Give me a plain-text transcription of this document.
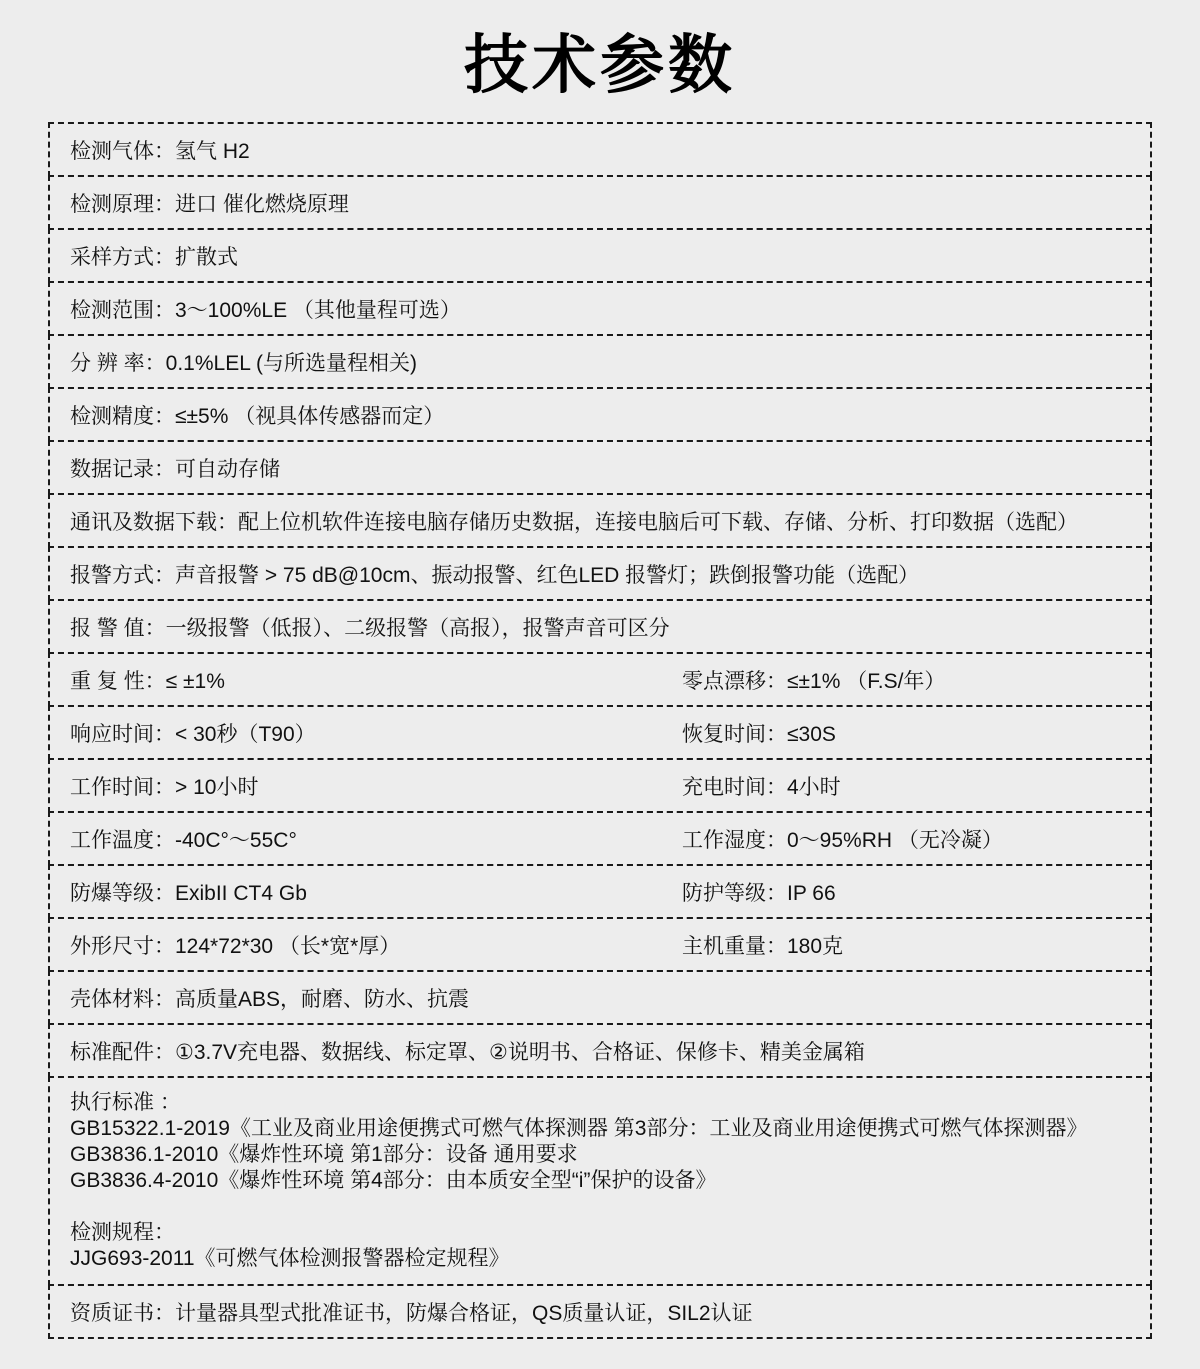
技术参数
检测气体：氢气 H2
检测原理：进口 催化燃烧原理
采样方式：扩散式
检测范围：3～100%LE （其他量程可选）
分 辨 率：0.1%LEL (与所选量程相关)
检测精度：≤±5% （视具体传感器而定）
数据记录：可自动存储
通讯及数据下载：配上位机软件连接电脑存储历史数据，连接电脑后可下载、存储、分析、打印数据（选配）
报警方式：声音报警 > 75 dB@10cm、振动报警、红色LED 报警灯；跌倒报警功能（选配）
报 警 值：一级报警（低报）、二级报警（高报），报警声音可区分
重 复 性：≤ ±1%	零点漂移：≤±1% （F.S/年）
响应时间：< 30秒（T90）	恢复时间：≤30S
工作时间：> 10小时	充电时间：4小时
工作温度：-40C°～55C°	工作湿度：0～95%RH （无冷凝）
防爆等级：ExibII CT4 Gb	防护等级：IP 66
外形尺寸：124*72*30 （长*宽*厚）	主机重量：180克
壳体材料：高质量ABS，耐磨、防水、抗震
标准配件：①3.7V充电器、数据线、标定罩、②说明书、合格证、保修卡、精美金属箱
执行标准 ：
GB15322.1-2019《工业及商业用途便携式可燃气体探测器 第3部分：工业及商业用途便携式可燃气体探测器》
GB3836.1-2010《爆炸性环境 第1部分：设备 通用要求
GB3836.4-2010《爆炸性环境 第4部分：由本质安全型“i”保护的设备》
检测规程：
JJG693-2011《可燃气体检测报警器检定规程》
资质证书：计量器具型式批准证书，防爆合格证，QS质量认证，SIL2认证
